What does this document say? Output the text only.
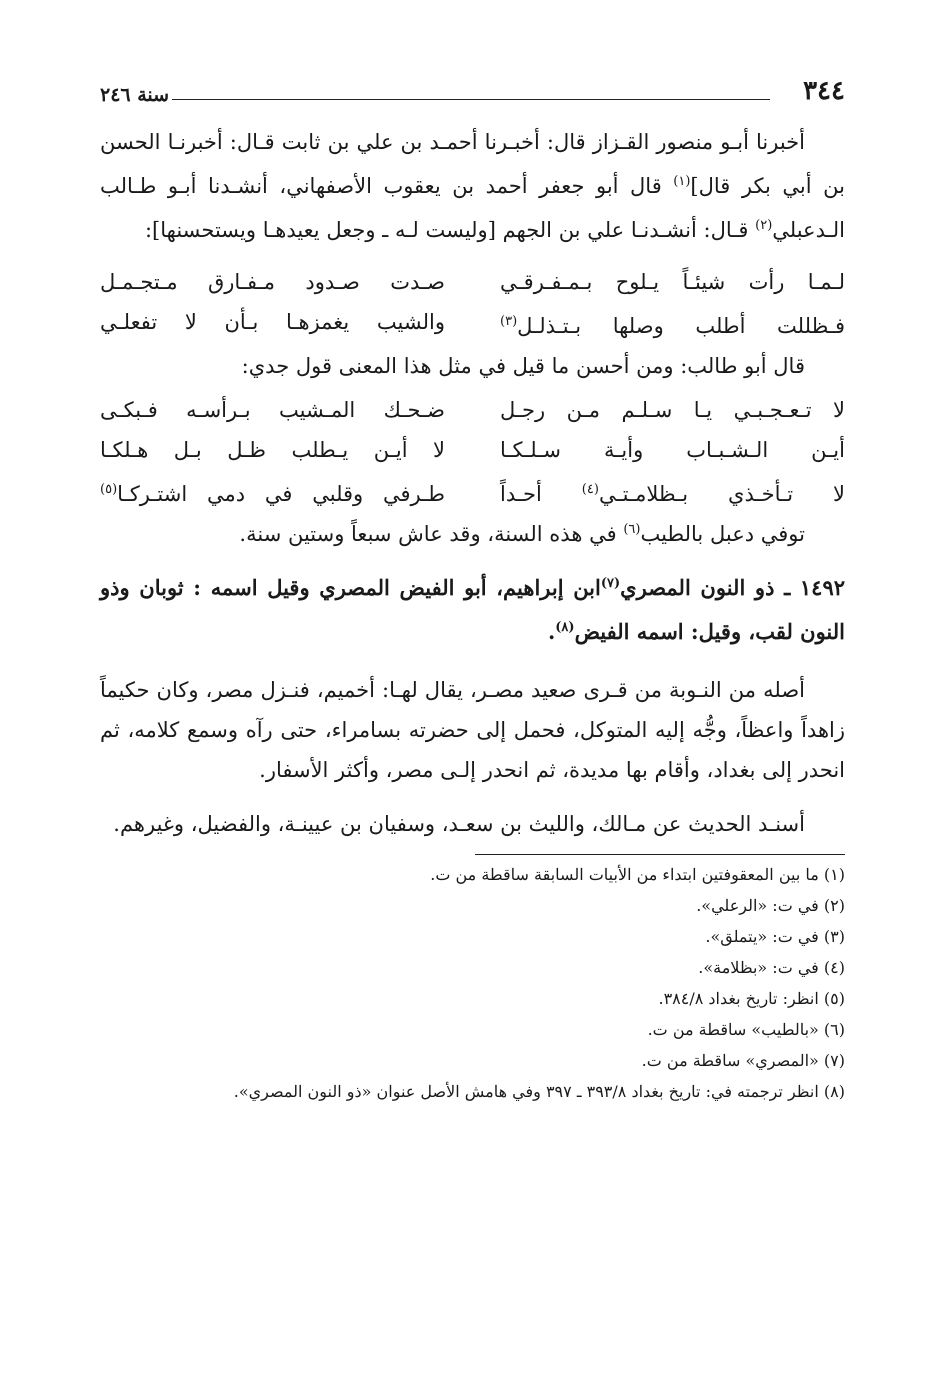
٣٤٤
سنة ٢٤٦

أخبرنا أبـو منصور القـزاز قال: أخبـرنا أحمـد بن علي بن ثابت قـال: أخبرنـا الحسن بن أبي بكر قال]$^{(١)}$ قال أبو جعفر أحمد بن يعقوب الأصفهاني، أنشـدنا أبـو طـالب الـدعبلي$^{(٢)}$ قـال: أنشـدنـا علي بن الجهم [وليست لـه ـ وجعل يعيدهـا ويستحسنها]:

لـمـا رأت شيئـاً يـلوح بـمـفـرقـي
صـدت صـدود مـفـارق مـتجـمـل
فـظللت أطلب وصلها بـتـذلـل$^{(٣)}$
والشيب يغمزهـا بـأن لا تفعلـي

قال أبو طالب: ومن أحسن ما قيل في مثل هذا المعنى قول جدي:

لا تـعـجـبـي يـا سـلـم مـن رجـل
ضـحـك المـشيب بـرأسـه فـبكـى
أيـن الـشـبـاب وأيـة سـلـكـا
لا أيـن يـطلب ظـل بـل هـلكـا
لا تـأخـذي بـظلامـتـي$^{(٤)}$ أحـداً
طـرفي وقلبي في دمي اشتـركـا$^{(٥)}$

توفي دعبل بالطيب$^{(٦)}$ في هذه السنة، وقد عاش سبعاً وستين سنة.

١٤٩٢ ـ ذو النون المصري$^{(٧)}$ابن إبراهيم، أبو الفيض المصري وقيل اسمه : ثوبان وذو النون لقب، وقيل: اسمه الفيض$^{(٨)}$.

أصله من النـوبة من قـرى صعيد مصـر، يقال لهـا: أخميم، فنـزل مصر، وكان حكيماً زاهداً واعظاً، وجُّه إليه المتوكل، فحمل إلى حضرته بسامراء، حتى رآه وسمع كلامه، ثم انحدر إلى بغداد، وأقام بها مديدة، ثم انحدر إلـى مصر، وأكثر الأسفار.

أسنـد الحديث عن مـالك، والليث بن سعـد، وسفيان بن عيينـة، والفضيل، وغيرهم.

(١) ما بين المعقوفتين ابتداء من الأبيات السابقة ساقطة من ت.

(٢) في ت: «الرعلي».

(٣) في ت: «يتملق».

(٤) في ت: «بظلامة».

(٥) انظر: تاريخ بغداد ٣٨٤/٨.

(٦) «بالطيب» ساقطة من ت.

(٧) «المصري» ساقطة من ت.

(٨) انظر ترجمته في: تاريخ بغداد ٣٩٣/٨ ـ ٣٩٧ وفي هامش الأصل عنوان «ذو النون المصري».
